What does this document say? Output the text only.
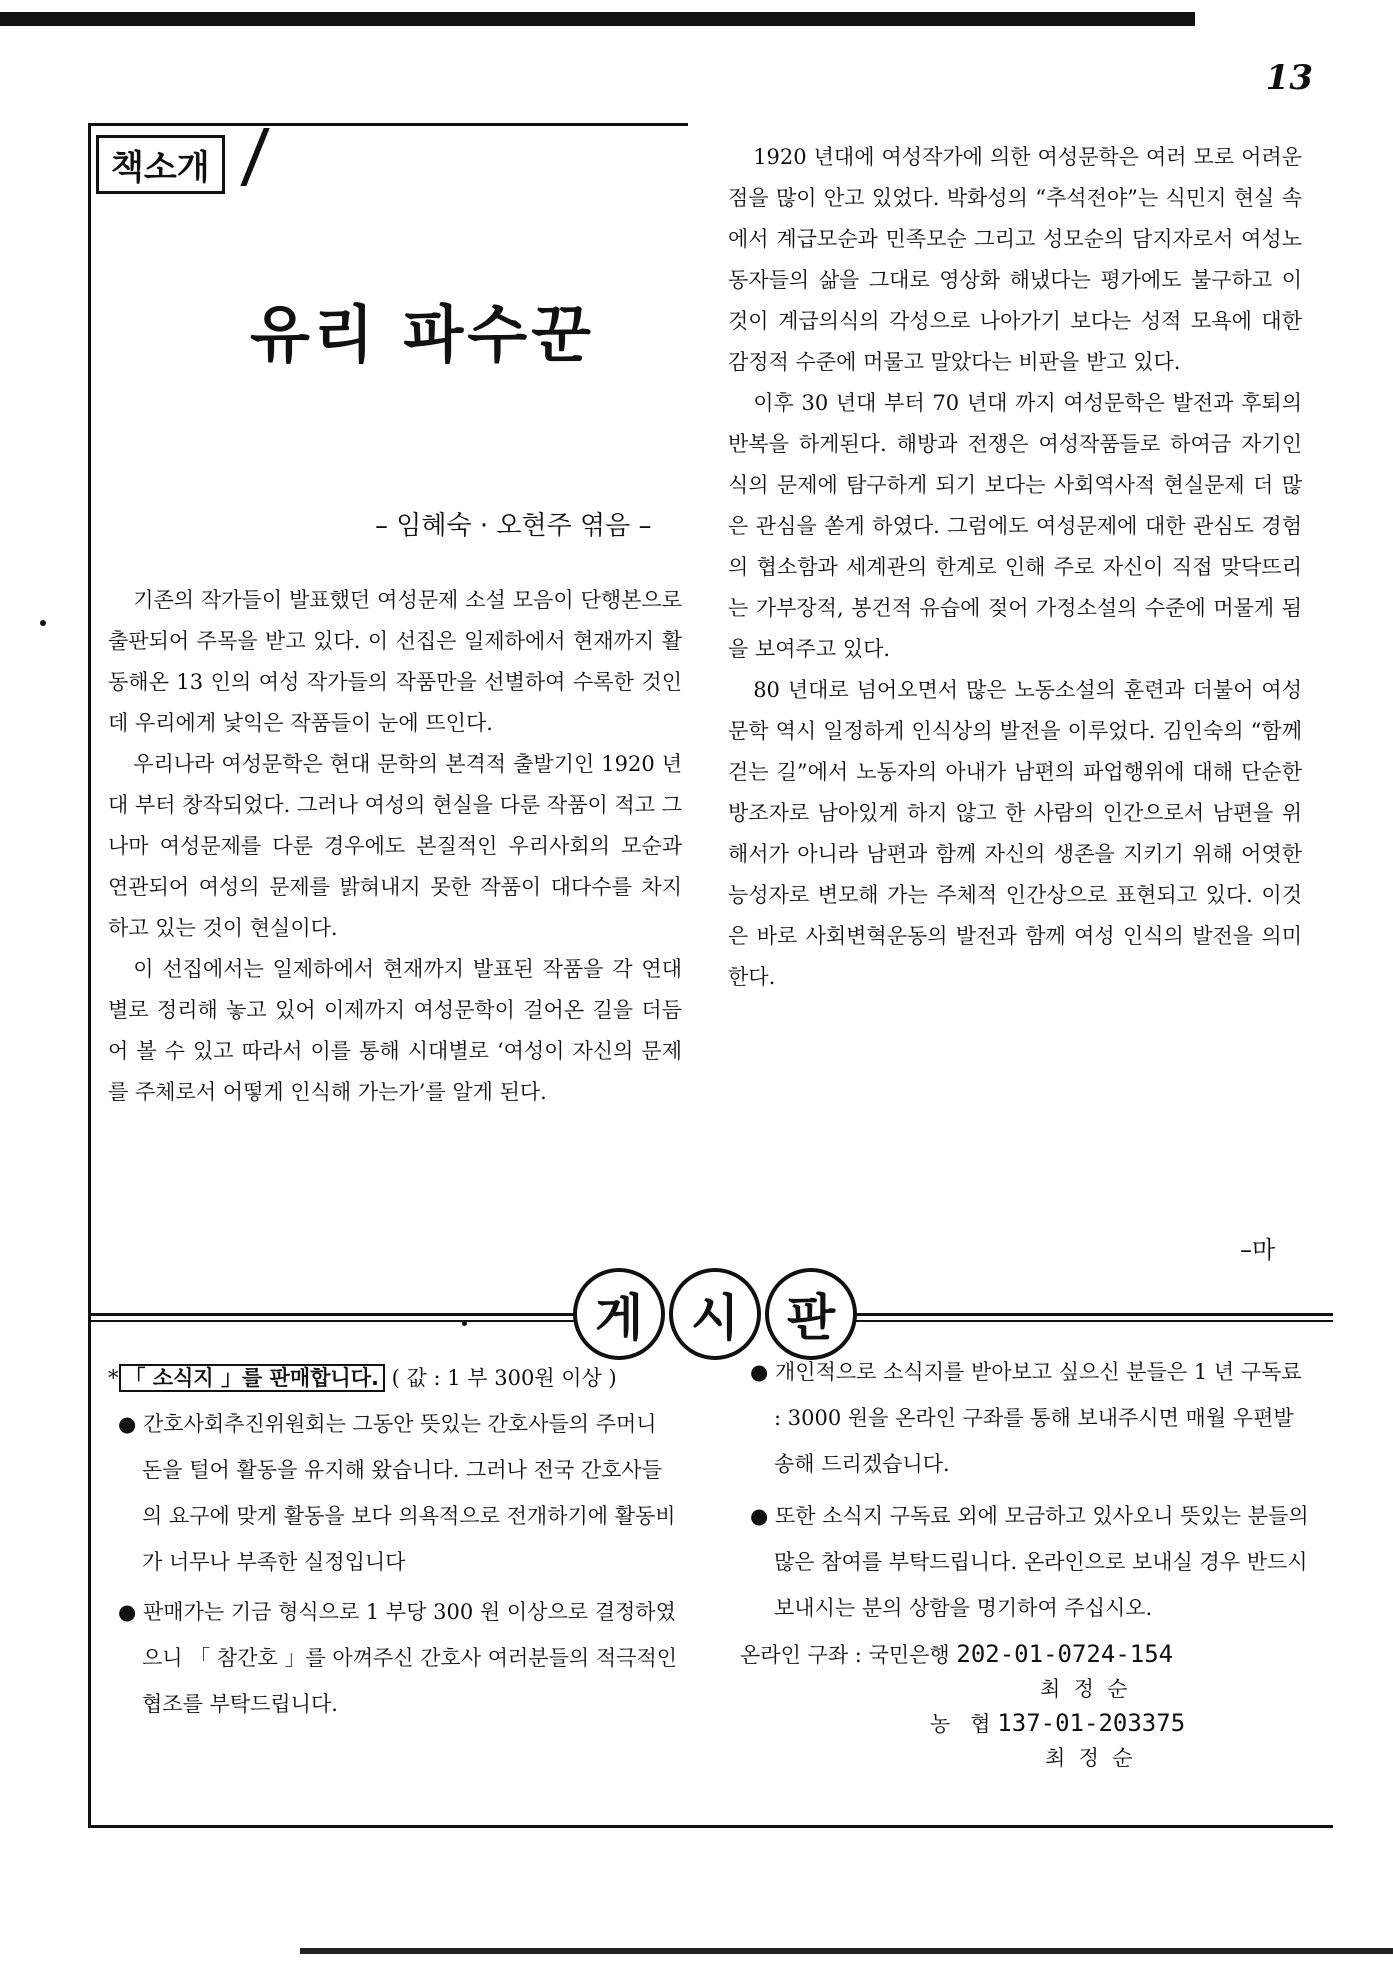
13
책소개
유리 파수꾼
– 임혜숙 · 오현주 엮음 –

기존의 작가들이 발표했던 여성문제 소설 모음이 단행본으로 출판되어 주목을 받고 있다. 이 선집은 일제하에서 현재까지 활동해온 13 인의 여성 작가들의 작품만을 선별하여 수록한 것인데 우리에게 낯익은 작품들이 눈에 뜨인다.

우리나라 여성문학은 현대 문학의 본격적 출발기인 1920 년대 부터 창작되었다. 그러나 여성의 현실을 다룬 작품이 적고 그나마 여성문제를 다룬 경우에도 본질적인 우리사회의 모순과 연관되어 여성의 문제를 밝혀내지 못한 작품이 대다수를 차지하고 있는 것이 현실이다.

이 선집에서는 일제하에서 현재까지 발표된 작품을 각 연대 별로 정리해 놓고 있어 이제까지 여성문학이 걸어온 길을 더듬어 볼 수 있고 따라서 이를 통해 시대별로 ‘여성이 자신의 문제를 주체로서 어떻게 인식해 가는가’를 알게 된다.

1920 년대에 여성작가에 의한 여성문학은 여러 모로 어려운 점을 많이 안고 있었다. 박화성의 “추석전야”는 식민지 현실 속에서 계급모순과 민족모순 그리고 성모순의 담지자로서 여성노동자들의 삶을 그대로 영상화 해냈다는 평가에도 불구하고 이것이 계급의식의 각성으로 나아가기 보다는 성적 모욕에 대한 감정적 수준에 머물고 말았다는 비판을 받고 있다.

이후 30 년대 부터 70 년대 까지 여성문학은 발전과 후퇴의 반복을 하게된다. 해방과 전쟁은 여성작품들로 하여금 자기인식의 문제에 탐구하게 되기 보다는 사회역사적 현실문제 더 많은 관심을 쏟게 하였다. 그럼에도 여성문제에 대한 관심도 경험의 협소함과 세계관의 한계로 인해 주로 자신이 직접 맞닥뜨리는 가부장적, 봉건적 유습에 젖어 가정소설의 수준에 머물게 됨을 보여주고 있다.

80 년대로 넘어오면서 많은 노동소설의 훈련과 더불어 여성문학 역시 일정하게 인식상의 발전을 이루었다. 김인숙의 “함께 걷는 길”에서 노동자의 아내가 남편의 파업행위에 대해 단순한 방조자로 남아있게 하지 않고 한 사람의 인간으로서 남편을 위해서가 아니라 남편과 함께 자신의 생존을 지키기 위해 어엿한 능성자로 변모해 가는 주체적 인간상으로 표현되고 있다. 이것은 바로 사회변혁운동의 발전과 함께 여성 인식의 발전을 의미한다.

–마
게 시 판

* 「 소식지 」를 판매합니다. ( 값 : 1 부 300원 이상 )

● 간호사회추진위원회는 그동안 뜻있는 간호사들의 주머니 돈을 털어 활동을 유지해 왔습니다. 그러나 전국 간호사들의 요구에 맞게 활동을 보다 의욕적으로 전개하기에 활동비가 너무나 부족한 실정입니다

● 판매가는 기금 형식으로 1 부당 300 원 이상으로 결정하였으니 「 참간호 」를 아껴주신 간호사 여러분들의 적극적인 협조를 부탁드립니다.

● 개인적으로 소식지를 받아보고 싶으신 분들은 1 년 구독료 : 3000 원을 온라인 구좌를 통해 보내주시면 매월 우편발송해 드리겠습니다.

● 또한 소식지 구독료 외에 모금하고 있사오니 뜻있는 분들의 많은 참여를 부탁드립니다. 온라인으로 보내실 경우 반드시 보내시는 분의 상함을 명기하여 주십시오.

온라인 구좌 : 국민은행 202-01-0724-154
최  정  순
농   협 137-01-203375
최  정  순
